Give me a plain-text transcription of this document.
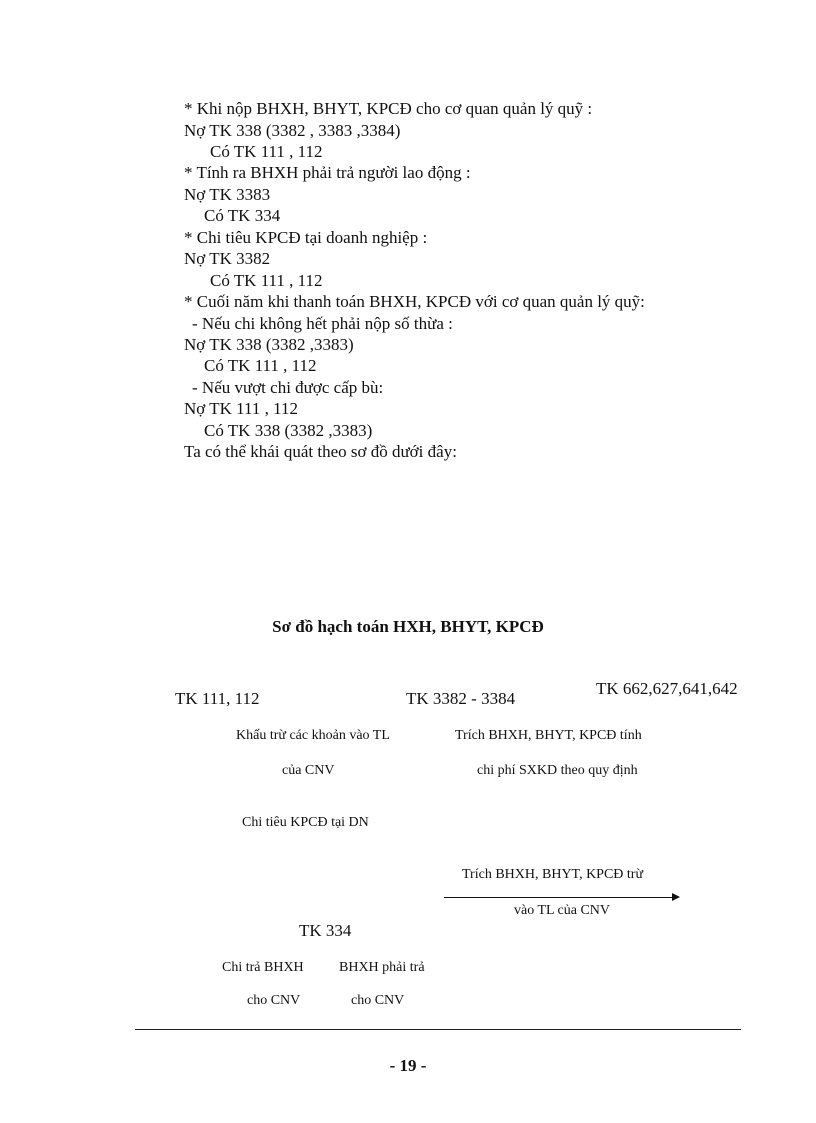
* Khi nộp BHXH, BHYT, KPCĐ cho cơ quan quản lý quỹ :
Nợ TK 338 (3382 , 3383 ,3384)
Có TK 111 , 112
* Tính ra BHXH phải trả người lao động :
Nợ TK 3383
Có TK 334
* Chi tiêu KPCĐ tại doanh nghiệp :
Nợ TK 3382
Có TK 111 , 112
* Cuối năm khi thanh toán BHXH, KPCĐ với cơ quan quản lý quỹ:
- Nếu chi không hết phải nộp số thừa :
Nợ TK 338 (3382 ,3383)
Có TK 111 , 112
- Nếu vượt chi được cấp bù:
Nợ TK 111 , 112
Có TK 338 (3382 ,3383)
Ta có thể khái quát theo sơ đồ dưới đây:
Sơ đồ hạch toán HXH, BHYT, KPCĐ
TK 111, 112	TK 3382 - 3384
TK 662,627,641,642
Khấu trừ các khoản vào TL
của CNV
Trích BHXH, BHYT, KPCĐ tính
chi phí SXKD theo quy định
Chi tiêu KPCĐ tại DN
Trích BHXH, BHYT, KPCĐ trừ
vào TL của CNV
TK 334
Chi trả BHXH
cho CNV
BHXH phải trả
cho CNV
- 19 -
